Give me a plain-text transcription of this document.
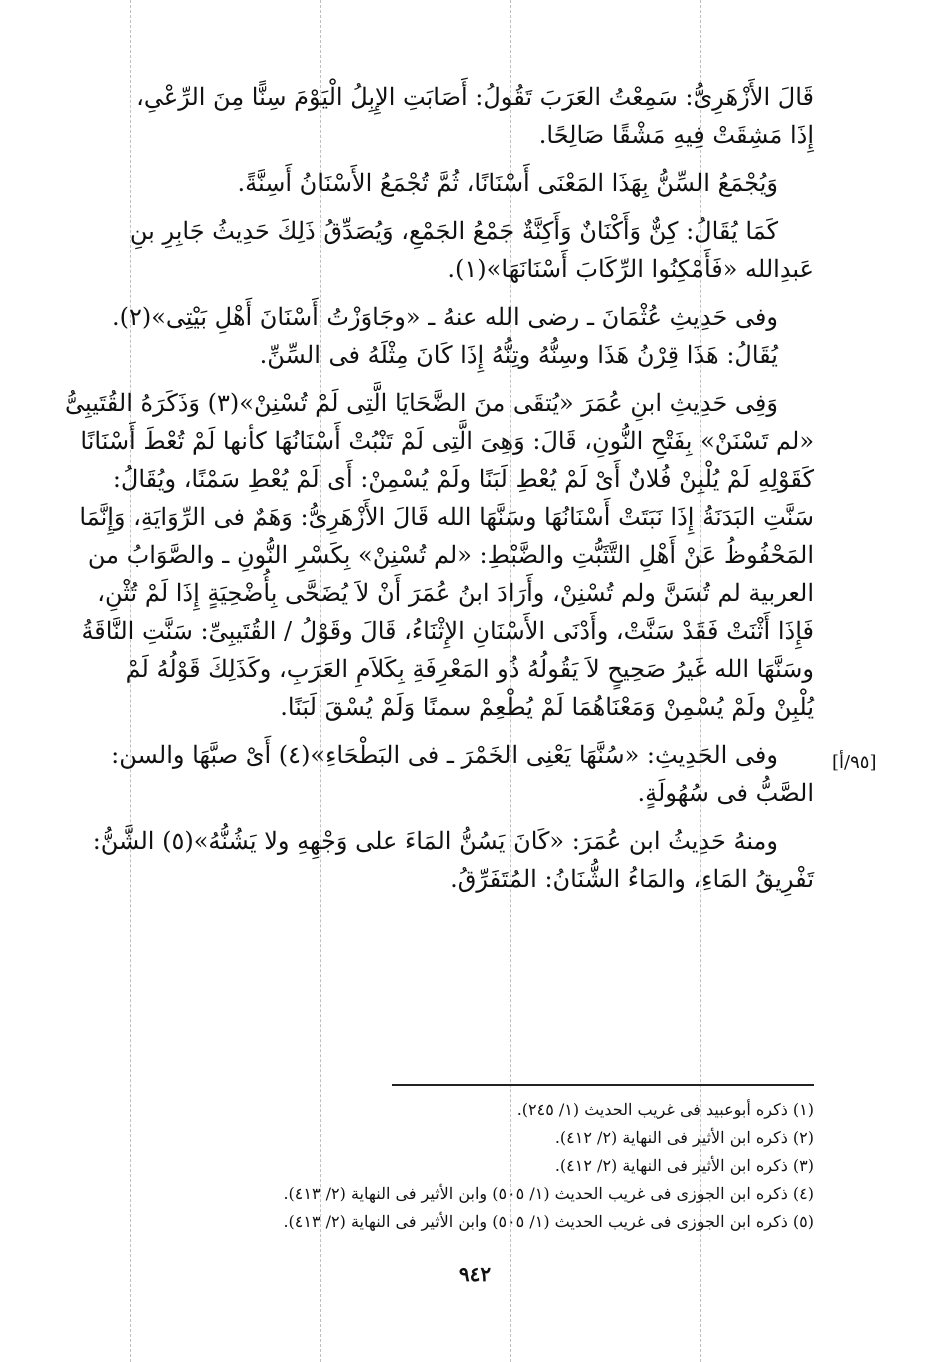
قَالَ الأَزْهَرِىُّ: سَمِعْتُ العَرَبَ تَقُولُ: أَصَابَتِ الإِبِلُ الْيَوْمَ سِنًّا مِنَ الرِّعْىِ،
إِذَا مَشِقَتْ فِيهِ مَشْقًا صَالِحًا.
وَيُجْمَعُ السِّنُّ بِهَذَا المَعْنَى أَسْنَانًا، ثُمَّ تُجْمَعُ الأَسْنَانُ أَسِنَّةً.
كَمَا يُقَالُ: كِنٌّ وَأَكْنَانٌ وَأَكِنَّةٌ جَمْعُ الجَمْعِ، وَيُصَدِّقُ ذَلِكَ حَدِيثُ جَابِرِ بنِ
عَبدِالله «فَأَمْكِنُوا الرِّكَابَ أَسْنَانَهَا»(١).
وفى حَدِيثِ عُثْمَانَ ـ رضى الله عنهُ ـ «وجَاوَزْتُ أَسْنَانَ أَهْلِ بَيْتِى»(٢).
يُقَالُ: هَذَا قِرْنُ هَذَا وسِنُّهُ وتِنُّهُ إِذَا كَانَ مِثْلَهُ فى السِّنِّ.
وَفِى حَدِيثِ ابنِ عُمَرَ «يُتقَى منَ الضَّحَايَا الَّتِى لَمْ تُسْنِنْ»(٣) وَذَكَرَهُ القُتَيبِىُّ
«لم تَسْنَنْ» بِفَتْحِ النُّونِ، قَالَ: وَهِىَ الَّتِى لَمْ تَنْبُتْ أَسْنَانُهَا كأنها لَمْ تُعْطَ أَسْنَانًا
كَقَوْلِهِ لَمْ يُلْبِنْ فُلانٌ أَىْ لَمْ يُعْطِ لَبَنًا ولَمْ يُسْمِنْ: أَى لَمْ يُعْطِ سَمْنًا، ويُقَالُ:
سَنَّتِ البَدَنَةُ إِذَا نَبَتَتْ أَسْنَانُهَا وسَنَّهَا الله قَالَ الأَزْهَرِىُّ: وَهَمٌ فى الرِّوَايَةِ، وَإِنَّمَا
المَحْفُوظُ عَنْ أَهْلِ التَّثَبُّتِ والضَّبْطِ: «لم تُسْنِنْ» بِكَسْرِ النُّونِ ـ والصَّوَابُ من
العربية لم تُسَنَّ ولم تُسْنِنْ، وأَرَادَ ابنُ عُمَرَ أَنْ لاَ يُضَحَّى بِأُضْحِيَةٍ إِذَا لَمْ تُثْنِ،
فَإِذَا أَثْنَتْ فَقَدْ سَنَّتْ، وأَدْنَى الأَسْنَانِ الإِثْنَاءُ، قَالَ وقَوْلُ / القُتَيبِىِّ: سَنَّتِ النَّاقَةُ
وسَنَّهَا الله غَيرُ صَحِيحٍ لاَ يَقُولُهُ ذُو المَعْرِفَةِ بِكَلاَمِ العَرَبِ، وكَذَلِكَ قَوْلُهُ لَمْ
يُلْبِنْ ولَمْ يُسْمِنْ وَمَعْنَاهُمَا لَمْ يُطْعِمْ سمنًا وَلَمْ يُسْقَ لَبَنًا.
وفى الحَدِيثِ: «سُنَّهَا يَعْنِى الخَمْرَ ـ فى البَطْحَاءِ»(٤) أَىْ صبَّهَا والسن:
الصَّبُّ فى سُهُولَةٍ.
ومنهُ حَدِيثُ ابن عُمَرَ: «كَانَ يَسُنُّ المَاءَ على وَجْهِهِ ولا يَشُنُّهُ»(٥) الشَّنُّ:
تَفْرِيقُ المَاءِ، والمَاءُ الشُّنَانُ: المُتَفَرِّقُ.
[٩٥/أ]
(١) ذكره أبوعبيد فى غريب الحديث (١/ ٢٤٥).
(٢) ذكره ابن الأثير فى النهاية (٢/ ٤١٢).
(٣) ذكره ابن الأثير فى النهاية (٢/ ٤١٢).
(٤) ذكره ابن الجوزى فى غريب الحديث (١/ ٥٠٥) وابن الأثير فى النهاية (٢/ ٤١٣).
(٥) ذكره ابن الجوزى فى غريب الحديث (١/ ٥٠٥) وابن الأثير فى النهاية (٢/ ٤١٣).
٩٤٢
